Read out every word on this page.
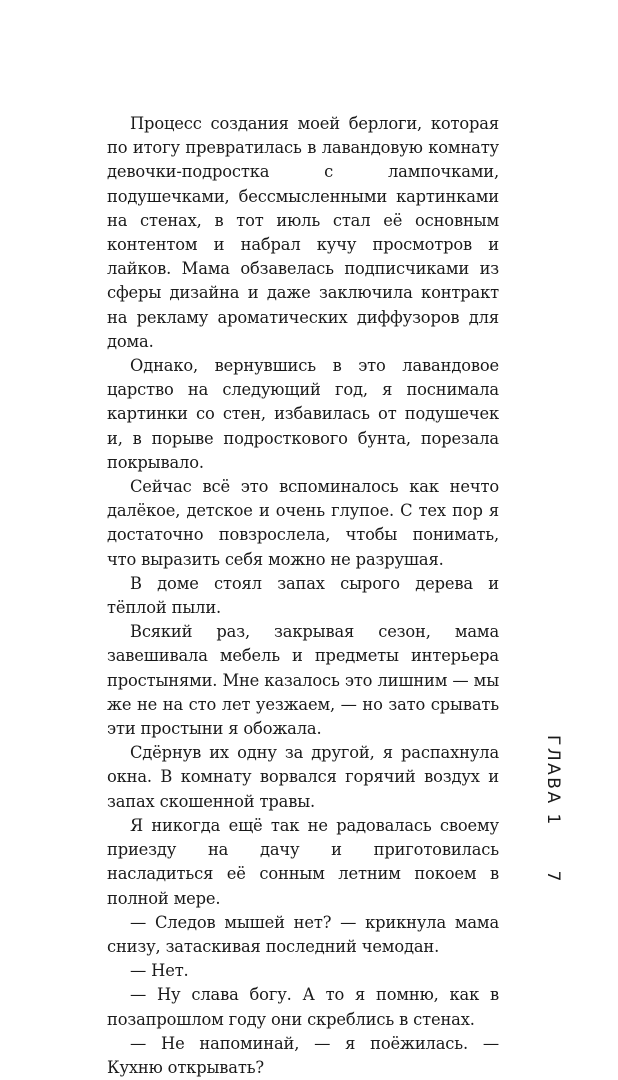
Процесс создания моей берлоги, которая по итогу превратилась в лавандовую комнату девочки-подростка с лампочками, подушечками, бессмысленными картинками на стенах, в тот июль стал её основным контентом и набрал кучу просмотров и лайков. Мама обзавелась подписчиками из сферы дизайна и даже заключила контракт на рекламу ароматических диффузоров для дома.

Однако, вернувшись в это лавандовое царство на следующий год, я поснимала картинки со стен, избавилась от подушечек и, в порыве подросткового бунта, порезала покрывало.

Сейчас всё это вспоминалось как нечто далёкое, детское и очень глупое. С тех пор я достаточно повзрослела, чтобы понимать, что выразить себя можно не разрушая.

В доме стоял запах сырого дерева и тёплой пыли.

Всякий раз, закрывая сезон, мама завешивала мебель и предметы интерьера простынями. Мне казалось это лишним — мы же не на сто лет уезжаем, — но зато срывать эти простыни я обожала.

Сдёрнув их одну за другой, я распахнула окна. В комнату ворвался горячий воздух и запах скошенной травы.

Я никогда ещё так не радовалась своему приезду на дачу и приготовилась насладиться её сонным летним покоем в полной мере.

— Следов мышей нет? — крикнула мама снизу, затаскивая последний чемодан.

— Нет.

— Ну слава богу. А то я помню, как в позапрошлом году они скреблись в стенах.

— Не напоминай, — я поёжилась. — Кухню открывать?

ГЛАВА 1
7
